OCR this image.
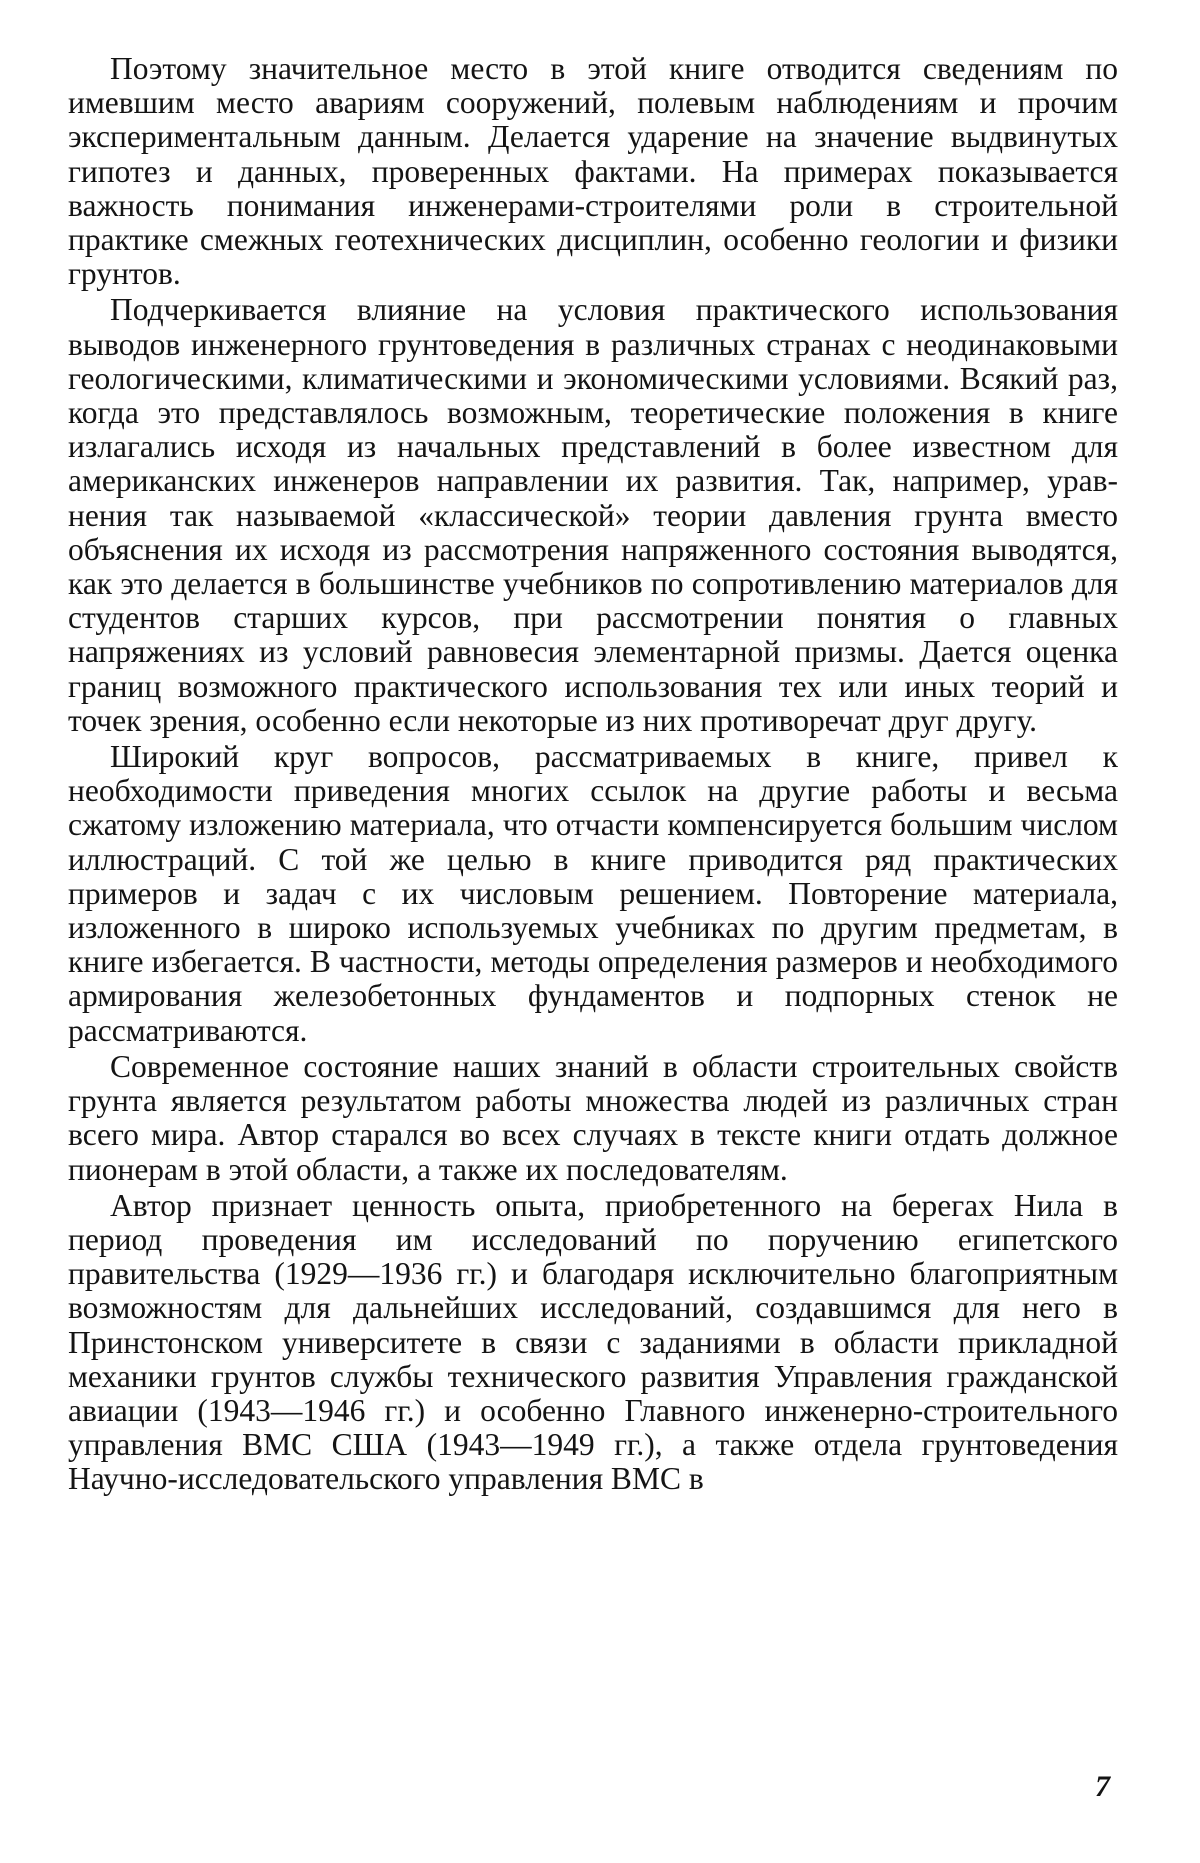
Поэтому значительное место в этой книге отводится сведениям по имевшим место авариям сооружений, полевым наблюдениям и прочим экспериментальным данным. Делается ударение на значение выдвинутых гипотез и данных, проверенных фактами. На примерах показывается важность понимания инженерами-строителями роли в строительной практике смежных геотехнических дисциплин, особенно геологии и физики грунтов.

Подчеркивается влияние на условия практического использования выводов инженерного грунтоведения в различных странах с неодинаковыми геологическими, климатическими и экономическими условиями. Всякий раз, когда это представлялось возможным, теоретические положения в книге излагались исходя из начальных представлений в более известном для американских инженеров направлении их развития. Так, например, уравнения так называемой «классической» теории давления грунта вместо объяснения их исходя из рассмотрения напряженного состояния выводятся, как это делается в большинстве учебников по сопротивлению материалов для студентов старших курсов, при рассмотрении понятия о главных напряжениях из условий равновесия элементарной призмы. Дается оценка границ возможного практического использования тех или иных теорий и точек зрения, особенно если некоторые из них противоречат друг другу.

Широкий круг вопросов, рассматриваемых в книге, привел к необходимости приведения многих ссылок на другие работы и весьма сжатому изложению материала, что отчасти компенсируется большим числом иллюстраций. С той же целью в книге приводится ряд практических примеров и задач с их числовым решением. Повторение материала, изложенного в широко используемых учебниках по другим предметам, в книге избегается. В частности, методы определения размеров и необходимого армирования железобетонных фундаментов и подпорных стенок не рассматриваются.

Современное состояние наших знаний в области строительных свойств грунта является результатом работы множества людей из различных стран всего мира. Автор старался во всех случаях в тексте книги отдать должное пионерам в этой области, а также их последователям.

Автор признает ценность опыта, приобретенного на берегах Нила в период проведения им исследований по поручению египетского правительства (1929—1936 гг.) и благодаря исключительно благоприятным возможностям для дальнейших исследований, создавшимся для него в Принстонском университете в связи с заданиями в области прикладной механики грунтов службы технического развития Управления гражданской авиации (1943—1946 гг.) и особенно Главного инженерно-строительного управления ВМС США (1943—1949 гг.), а также отдела грунтоведения Научно-исследовательского управления ВМС в

7
